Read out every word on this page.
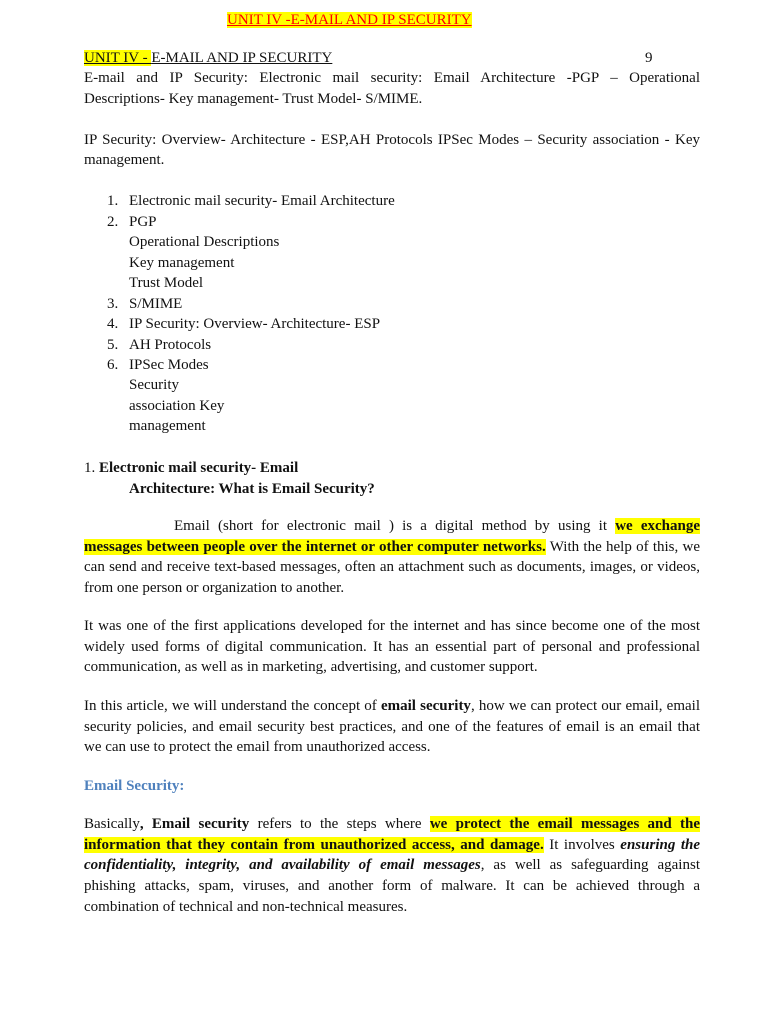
UNIT IV -E-MAIL AND IP SECURITY
UNIT IV - E-MAIL AND IP SECURITY	9
E-mail and IP Security: Electronic mail security: Email Architecture -PGP – Operational
Descriptions- Key management- Trust Model- S/MIME.
IP Security: Overview- Architecture - ESP,AH Protocols IPSec Modes – Security association - Key
management.
1. Electronic mail security- Email Architecture
2. PGP
Operational Descriptions
Key management
Trust Model
3. S/MIME
4. IP Security: Overview- Architecture- ESP
5. AH Protocols
6. IPSec Modes
Security
association Key
management
1. Electronic mail security- Email
Architecture: What is Email Security?
Email (short for electronic mail ) is a digital method by using it we exchange
messages between people over the internet or other computer networks. With the help of this, we
can send and receive text-based messages, often an attachment such as documents, images, or videos,
from one person or organization to another.
It was one of the first applications developed for the internet and has since become one of the most
widely used forms of digital communication. It has an essential part of personal and professional
communication, as well as in marketing, advertising, and customer support.
In this article, we will understand the concept of email security, how we can protect our email, email
security policies, and email security best practices, and one of the features of email is an email that
we can use to protect the email from unauthorized access.
Email Security:
Basically, Email security refers to the steps where we protect the email messages and the
information that they contain from unauthorized access, and damage. It involves ensuring the
confidentiality, integrity, and availability of email messages, as well as safeguarding against
phishing attacks, spam, viruses, and another form of malware. It can be achieved through a
combination of technical and non-technical measures.
